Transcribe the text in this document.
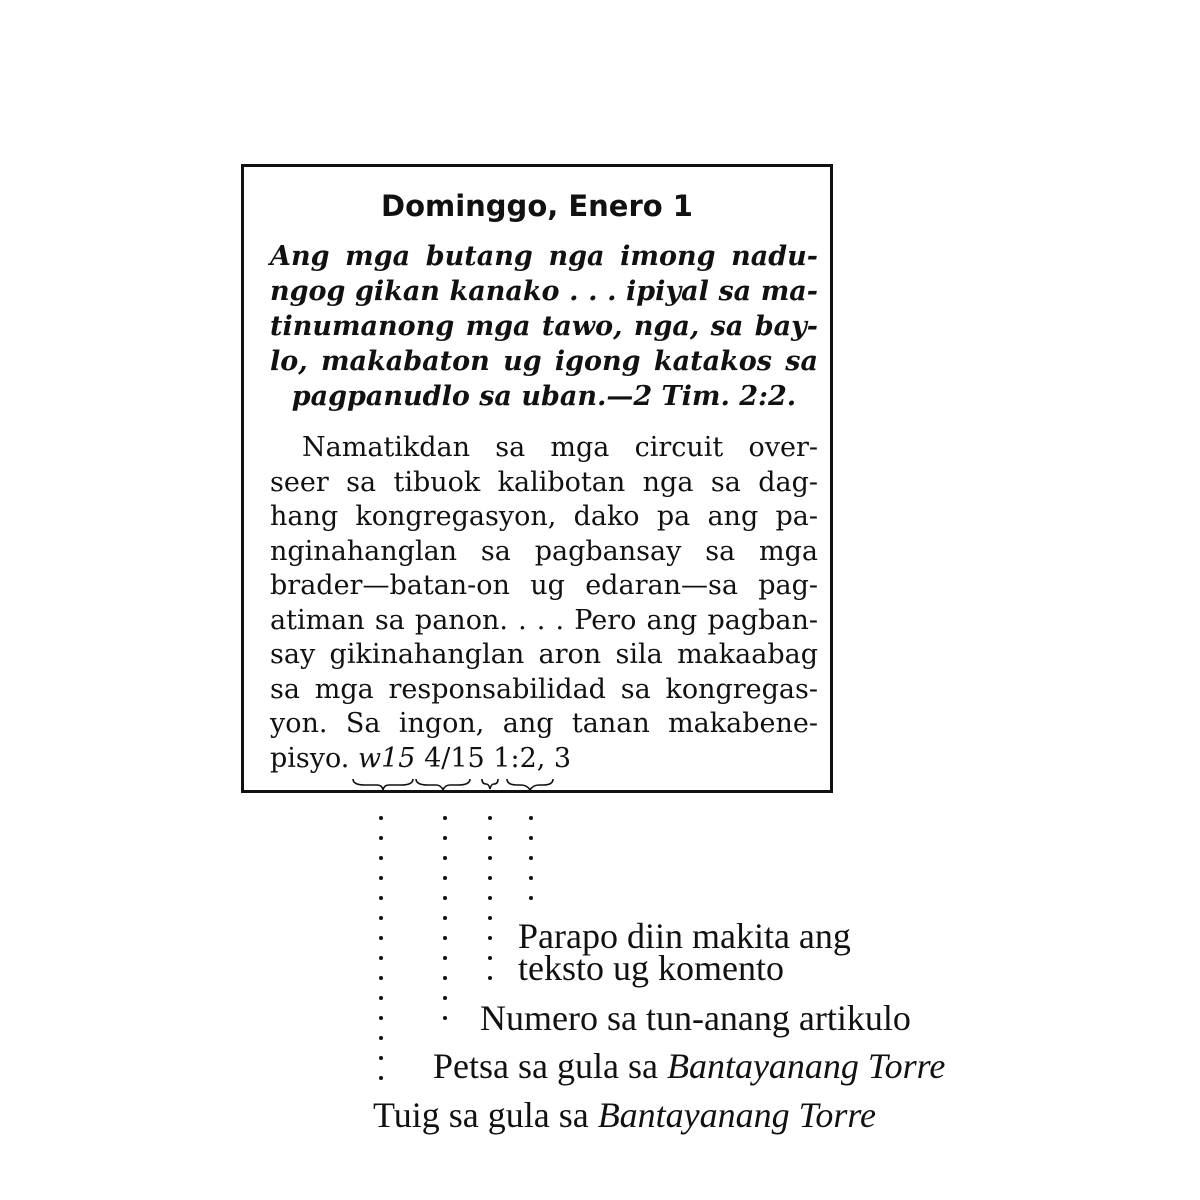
Dominggo, Enero 1
Ang mga butang nga imong nadu-
ngog gikan kanako . . . ipiyal sa ma-
tinumanong mga tawo, nga, sa bay-
lo, makabaton ug igong katakos sa
pagpanudlo sa uban.—2 Tim. 2:2.
Namatikdan sa mga circuit over-
seer sa tibuok kalibotan nga sa dag-
hang kongregasyon, dako pa ang pa-
nginahanglan sa pagbansay sa mga
brader—batan-on ug edaran—sa pag-
atiman sa panon. . . . Pero ang pagban-
say gikinahanglan aron sila makaabag
sa mga responsabilidad sa kongregas-
yon. Sa ingon, ang tanan makabene-
pisyo. w15 4/15 1:2, 3
Parapo diin makita ang
teksto ug komento
Numero sa tun-anang artikulo
Petsa sa gula sa Bantayanang Torre
Tuig sa gula sa Bantayanang Torre
